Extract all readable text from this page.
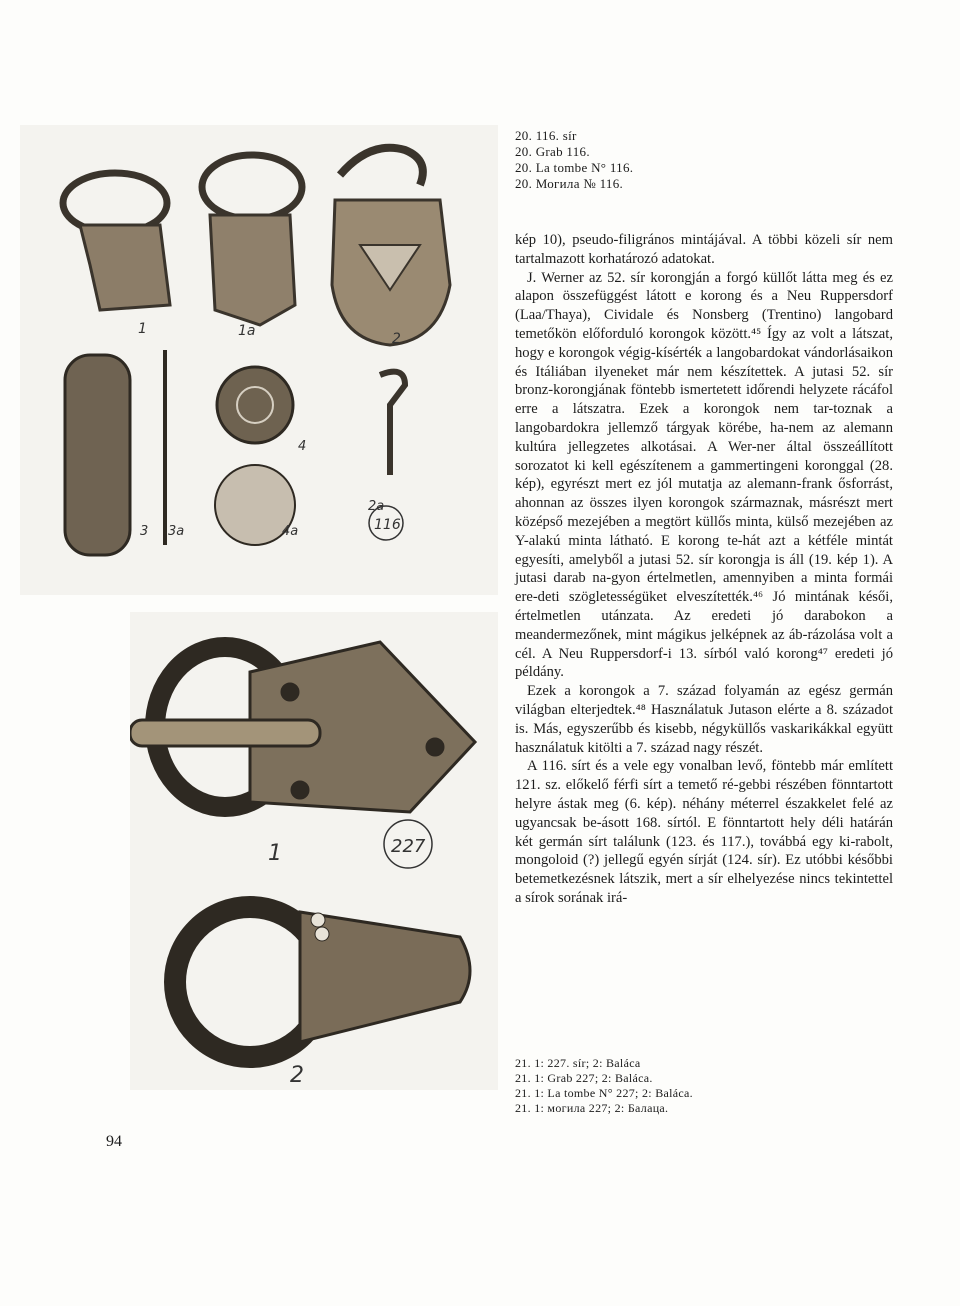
1	1a	2
2a
3 3a
4
4a	116
20. 116. sír
20. Grab 116.
20. La tombe N° 116.
20. Могила № 116.

kép 10), pseudo-filigránоs mintájával. A többi közeli sír nem tartalmazott korhatározó adatokat.

J. Werner az 52. sír korongján a forgó küllőt látta meg és ez alapon összefüggést látott e korong és a Neu Ruppersdorf (Laa/Thaya), Cividale és Nonsberg (Trentino) langobard temetőkön előforduló korongok között.⁴⁵ Így az volt a látszat, hogy e korongok végig-kísérték a langobardokat vándorlásaikon és Itáliában ilyeneket már nem készítettek. A jutasi 52. sír bronz-korongjának föntebb ismertetett időrendi helyzete rácáfol erre a látszatra. Ezek a korongok nem tar-toznak a langobardokra jellemző tárgyak körébe, ha-nem az alemann kultúra jellegzetes alkotásai. A Wer-ner által összeállított sorozatot ki kell egészítenem a gammertingeni koronggal (28. kép), egyrészt mert ez jól mutatja az alemann-frank ősforrást, ahonnan az összes ilyen korongok származnak, másrészt mert középső mezejében a megtört küllős minta, külső mezejében az Y-alakú minta látható. E korong te-hát azt a kétféle mintát egyesíti, amelyből a jutasi 52. sír korongja is áll (19. kép 1). A jutasi darab na-gyon értelmetlen, amennyiben a minta formái ere-deti szögletességüket elveszítették.⁴⁶ Jó mintának késői, értelmetlen utánzata. Az eredeti jó darabokon a meandermezőnek, mint mágikus jelképnek az áb-rázolása volt a cél. A Neu Ruppersdorf-i 13. sírból való korong⁴⁷ eredeti jó példány.

Ezek a korongok a 7. század folyamán az egész germán világban elterjedtek.⁴⁸ Használatuk Jutason elérte a 8. századot is. Más, egyszerűbb és kisebb, négyküllős vaskarikákkal együtt használatuk kitölti a 7. század nagy részét.

A 116. sírt és a vele egy vonalban levő, föntebb már említett 121. sz. előkelő férfi sírt a temető ré-gebbi részében fönntartott helyre ástak meg (6. kép). néhány méterrel északkelet felé az ugyancsak be-ásott 168. sírtól. E fönntartott hely déli határán két germán sírt találunk (123. és 117.), továbbá egy ki-rabolt, mongoloid (?) jellegű egyén sírját (124. sír). Ez utóbbi későbbi betemetkezésnek látszik, mert a sír elhelyezése nincs tekintettel a sírok sorának irá-

1
2
227
21. 1: 227. sír; 2: Balácа
21. 1: Grab 227; 2: Baláca.
21. 1: La tombe N° 227; 2: Baláca.
21. 1: могила 227; 2: Балаца.
94
